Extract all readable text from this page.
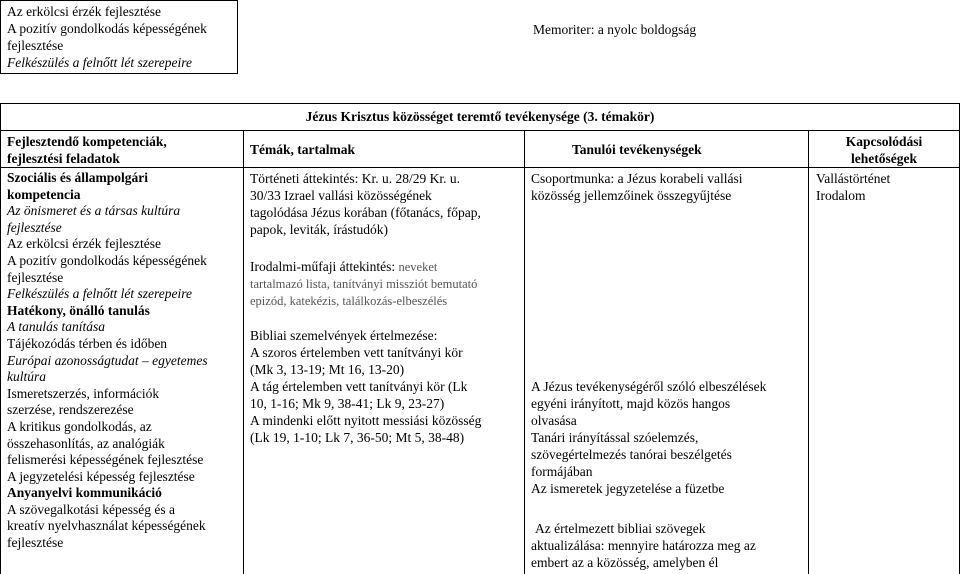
Az erkölcsi érzék fejlesztése
A pozitív gondolkodás képességének
fejlesztése
Felkészülés a felnőtt lét szerepeire
Memoriter: a nyolc boldogság
Jézus Krisztus közösséget teremtő tevékenysége (3. témakör)
Fejlesztendő kompetenciák,
fejlesztési feladatok
Témák, tartalmak	Tanulói tevékenységek
Kapcsolódási
lehetőségek
Szociális és állampolgári
kompetencia
Az önismeret és a társas kultúra
fejlesztése
Az erkölcsi érzék fejlesztése
A pozitív gondolkodás képességének
fejlesztése
Felkészülés a felnőtt lét szerepeire
Hatékony, önálló tanulás
A tanulás tanítása
Tájékozódás térben és időben
Európai azonosságtudat – egyetemes
kultúra
Ismeretszerzés, információk
szerzése, rendszerezése
A kritikus gondolkodás, az
összehasonlítás, az analógiák
felismerési képességének fejlesztése
A jegyzetelési képesség fejlesztése
Anyanyelvi kommunikáció
A szövegalkotási képesség és a
kreatív nyelvhasználat képességének
fejlesztése
Történeti áttekintés: Kr. u. 28/29 Kr. u.
30/33 Izrael vallási közösségének
tagolódása Jézus korában (főtanács, főpap,
papok, leviták, írástudók)
Irodalmi-műfaji áttekintés: neveket
tartalmazó lista, tanítványi missziót bemutató
epizód, katekézis, találkozás-elbeszélés
Bibliai szemelvények értelmezése:
A szoros értelemben vett tanítványi kör
(Mk 3, 13-19; Mt 16, 13-20)
A tág értelemben vett tanítványi kör (Lk
10, 1-16; Mk 9, 38-41; Lk 9, 23-27)
A mindenki előtt nyitott messiási közösség
(Lk 19, 1-10; Lk 7, 36-50; Mt 5, 38-48)
Csoportmunka: a Jézus korabeli vallási
közösség jellemzőinek összegyűjtése
A Jézus tevékenységéről szóló elbeszélések
egyéni irányított, majd közös hangos
olvasása
Tanári irányítással szóelemzés,
szövegértelmezés tanórai beszélgetés
formájában
Az ismeretek jegyzetelése a füzetbe
Az értelmezett bibliai szövegek
aktualizálása: mennyire határozza meg az
embert az a közösség, amelyben él
Vallástörténet
Irodalom
